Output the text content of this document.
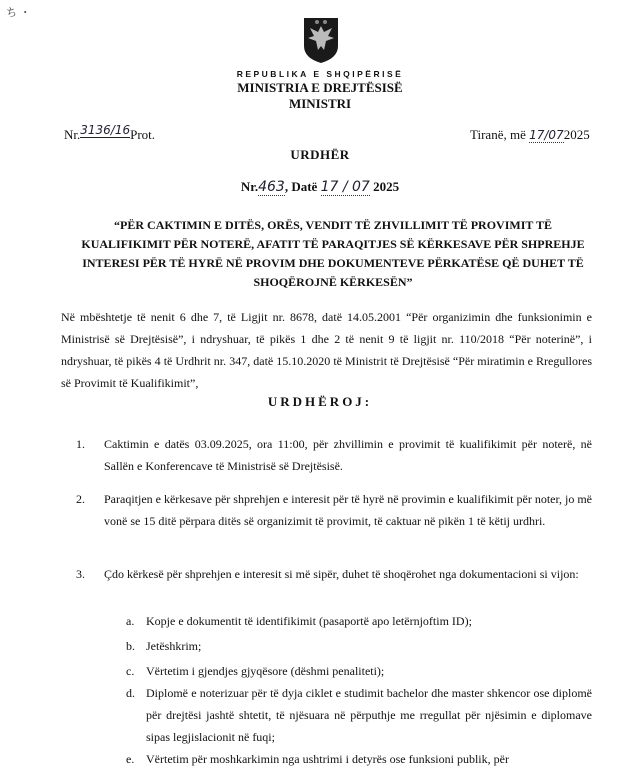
ち ・
REPUBLIKA E SHQIPËRISË
MINISTRIA E DREJTËSISË
MINISTRI
Nr.3136/16Prot.	Tiranë, më 17/072025
URDHËR
Nr.463, Datë 17 / 07 2025
“PËR CAKTIMIN E DITËS, ORËS, VENDIT TË ZHVILLIMIT TË PROVIMIT TË KUALIFIKIMIT PËR NOTERË, AFATIT TË PARAQITJES SË KËRKESAVE PËR SHPREHJE INTERESI PËR TË HYRË NË PROVIM DHE DOKUMENTEVE PËRKATËSE QË DUHET TË SHOQËROJNË KËRKESËN”
Në mbështetje të nenit 6 dhe 7, të Ligjit nr. 8678, datë 14.05.2001 “Për organizimin dhe funksionimin e Ministrisë së Drejtësisë”, i ndryshuar, të pikës 1 dhe 2 të nenit 9 të ligjit nr. 110/2018 “Për noterinë”, i ndryshuar, të pikës 4 të Urdhrit nr. 347, datë 15.10.2020 të Ministrit të Drejtësisë “Për miratimin e Rregullores së Provimit të Kualifikimit”,
URDHËROJ:
1. Caktimin e datës 03.09.2025, ora 11:00, për zhvillimin e provimit të kualifikimit për noterë, në Sallën e Konferencave të Ministrisë së Drejtësisë.
2. Paraqitjen e kërkesave për shprehjen e interesit për të hyrë në provimin e kualifikimit për noter, jo më vonë se 15 ditë përpara ditës së organizimit të provimit, të caktuar në pikën 1 të këtij urdhri.
3. Çdo kërkesë për shprehjen e interesit si më sipër, duhet të shoqërohet nga dokumentacioni si vijon:
a. Kopje e dokumentit të identifikimit (pasaportë apo letërnjoftim ID);
b. Jetëshkrim;
c. Vërtetim i gjendjes gjyqësore (dëshmi penaliteti);
d. Diplomë e noterizuar për të dyja ciklet e studimit bachelor dhe master shkencor ose diplomë për drejtësi jashtë shtetit, të njësuara në përputhje me rregullat për njësimin e diplomave sipas legjislacionit në fuqi;
e. Vërtetim për moshkarkimin nga ushtrimi i detyrës ose funksioni publik, për
